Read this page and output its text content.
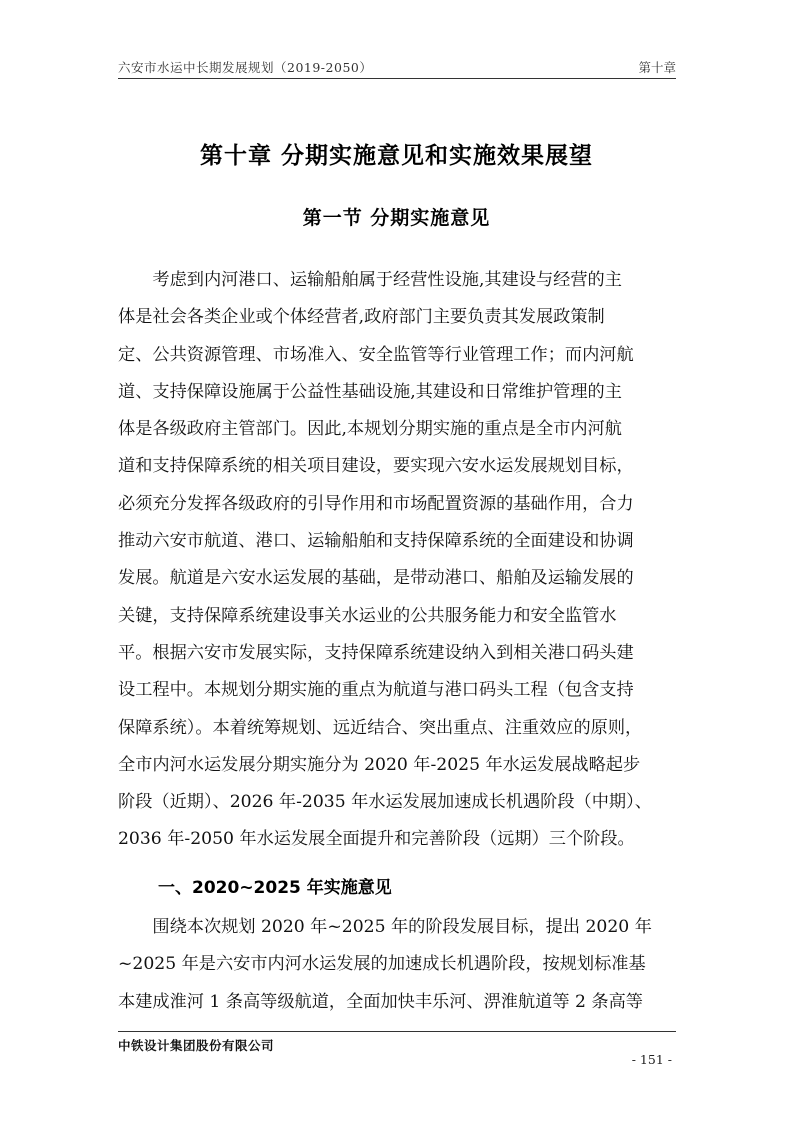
六安市水运中长期发展规划（2019-2050）	第十章
第十章 分期实施意见和实施效果展望
第一节 分期实施意见
　　考虑到内河港口、运输船舶属于经营性设施,其建设与经营的主
体是社会各类企业或个体经营者,政府部门主要负责其发展政策制
定、公共资源管理、市场准入、安全监管等行业管理工作；而内河航
道、支持保障设施属于公益性基础设施,其建设和日常维护管理的主
体是各级政府主管部门。因此,本规划分期实施的重点是全市内河航
道和支持保障系统的相关项目建设，要实现六安水运发展规划目标，
必须充分发挥各级政府的引导作用和市场配置资源的基础作用，合力
推动六安市航道、港口、运输船舶和支持保障系统的全面建设和协调
发展。航道是六安水运发展的基础，是带动港口、船舶及运输发展的
关键，支持保障系统建设事关水运业的公共服务能力和安全监管水
平。根据六安市发展实际，支持保障系统建设纳入到相关港口码头建
设工程中。本规划分期实施的重点为航道与港口码头工程（包含支持
保障系统）。本着统筹规划、远近结合、突出重点、注重效应的原则，
全市内河水运发展分期实施分为 2020 年-2025 年水运发展战略起步
阶段（近期）、2026 年-2035 年水运发展加速成长机遇阶段（中期）、
2036 年-2050 年水运发展全面提升和完善阶段（远期）三个阶段。
一、2020~2025 年实施意见
　　围绕本次规划 2020 年~2025 年的阶段发展目标，提出 2020 年
~2025 年是六安市内河水运发展的加速成长机遇阶段，按规划标准基
本建成淮河 1 条高等级航道，全面加快丰乐河、淠淮航道等 2 条高等
中铁设计集团股份有限公司
- 151 -
